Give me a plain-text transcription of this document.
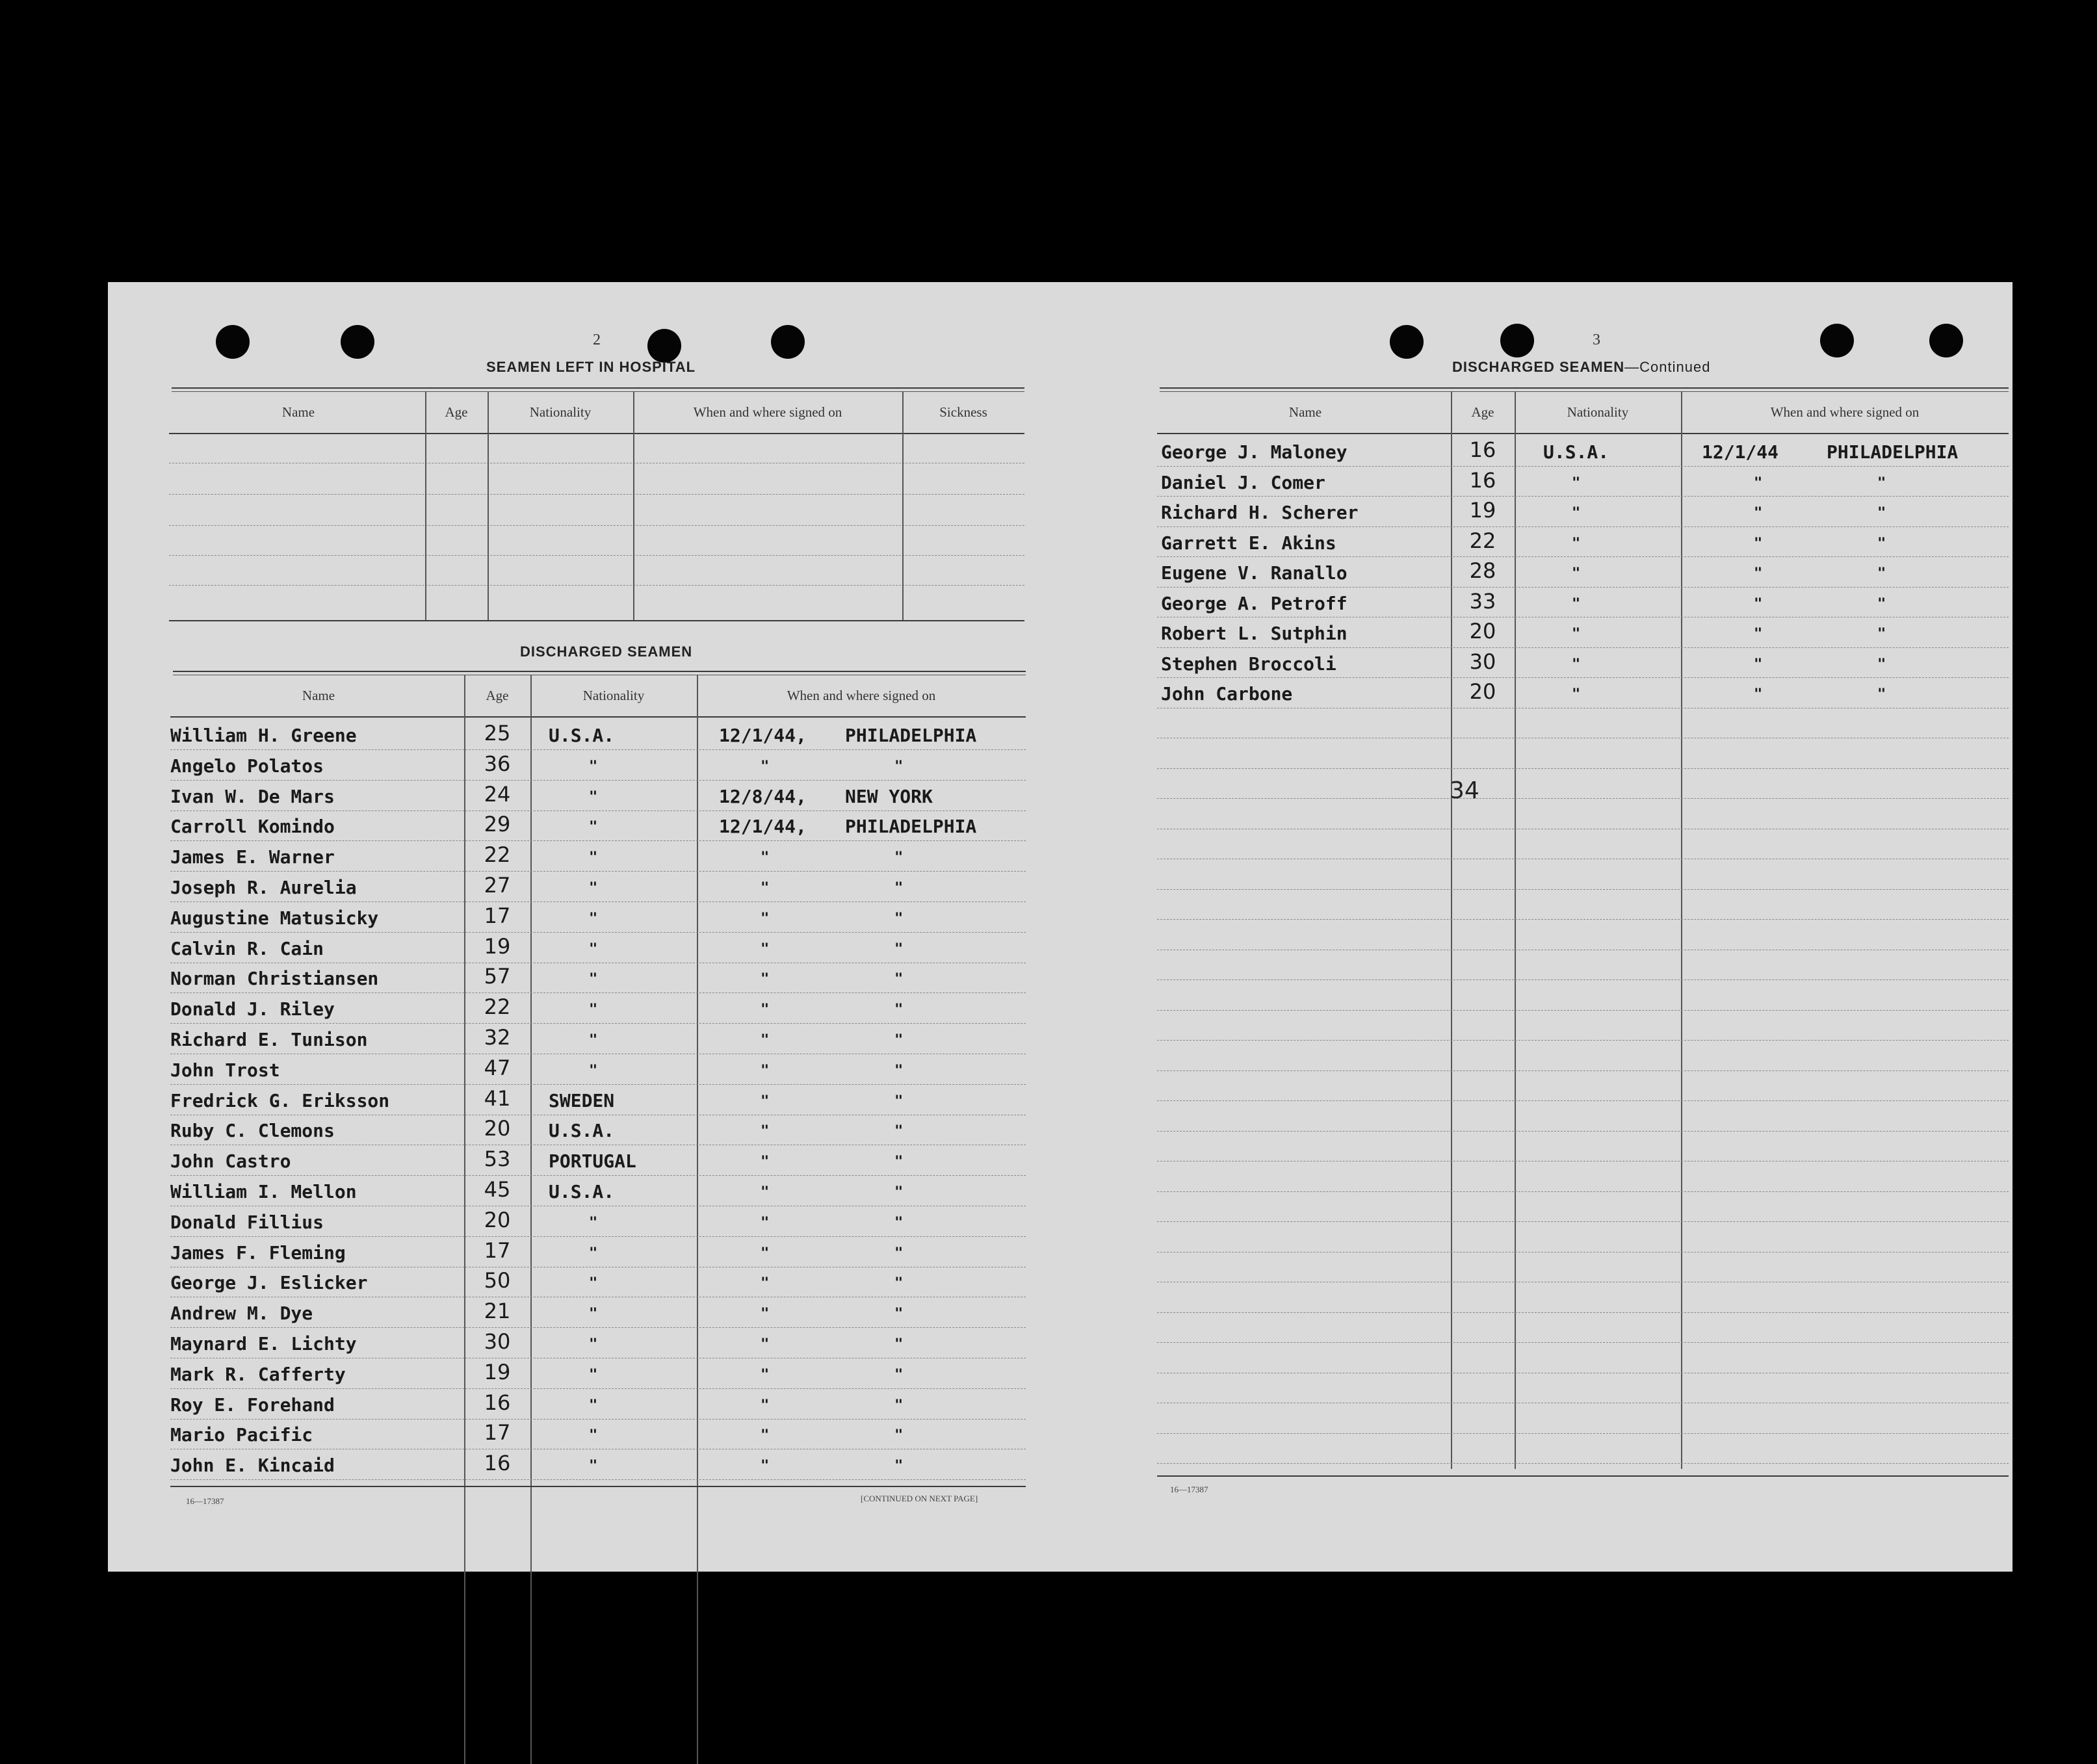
2
SEAMEN LEFT IN HOSPITAL
Name	Age	Nationality	When and where signed on	Sickness
DISCHARGED SEAMEN
Name	Age	Nationality	When and where signed on
William H. Greene	25	U.S.A.	12/1/44, PHILADELPHIA
Angelo Polatos	36	"	"	"
Ivan W. De Mars	24	"	12/8/44, NEW YORK
Carroll Komindo	29	"	12/1/44, PHILADELPHIA
James E. Warner	22	"	"	"
Joseph R. Aurelia	27	"	"	"
Augustine Matusicky	17	"	"	"
Calvin R. Cain	19	"	"	"
Norman Christiansen	57	"	"	"
Donald J. Riley	22	"	"	"
Richard E. Tunison	32	"	"	"
John Trost	47	"	"	"
Fredrick G. Eriksson	41	SWEDEN	"	"
Ruby C. Clemons	20	U.S.A.	"	"
John Castro	53	PORTUGAL	"	"
William I. Mellon	45	U.S.A.	"	"
Donald Fillius	20	"	"	"
James F. Fleming	17	"	"	"
George J. Eslicker	50	"	"	"
Andrew M. Dye	21	"	"	"
Maynard E. Lichty	30	"	"	"
Mark R. Cafferty	19	"	"	"
Roy E. Forehand	16	"	"	"
Mario Pacific	17	"	"	"
John E. Kincaid	16	"	"	"
16—17387	[CONTINUED ON NEXT PAGE]
3
DISCHARGED SEAMEN—Continued
Name	Age	Nationality	When and where signed on
George J. Maloney	16	U.S.A.	12/1/44	PHILADELPHIA
Daniel J. Comer	16	"	"	"
Richard H. Scherer	19	"	"	"
Garrett E. Akins	22	"	"	"
Eugene V. Ranallo	28	"	"	"
George A. Petroff	33	"	"	"
Robert L. Sutphin	20	"	"	"
Stephen Broccoli	30	"	"	"
John Carbone	20	"	"	"
34
16—17387
